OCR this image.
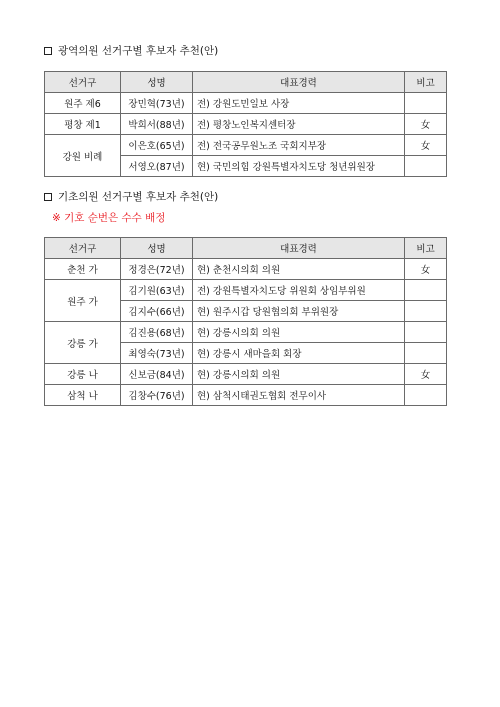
광역의원 선거구별 후보자 추천(안)
선거구	성명	대표경력	비고
원주 제6	장민혁(73년)	전) 강원도민일보 사장	
평창 제1	박희서(88년)	전) 평창노인복지센터장	女
강원 비례	이은호(65년)	전) 전국공무원노조 국회지부장	女
	서영오(87년)	현) 국민의힘 강원특별자치도당 청년위원장	
기초의원 선거구별 후보자 추천(안)
※ 기호 순번은 수수 배정
선거구	성명	대표경력	비고
춘천 가	정경은(72년)	현) 춘천시의회 의원	女
원주 가	김기원(63년)	전) 강원특별자치도당 위원회 상임부위원	
	김지수(66년)	현) 원주시갑 당원협의회 부위원장	
강릉 가	김진용(68년)	현) 강릉시의회 의원	
	최영숙(73년)	현) 강릉시 새마을회 회장	
강릉 나	신보금(84년)	현) 강릉시의회 의원	女
삼척 나	김창수(76년)	현) 삼척시태권도협회 전무이사	
